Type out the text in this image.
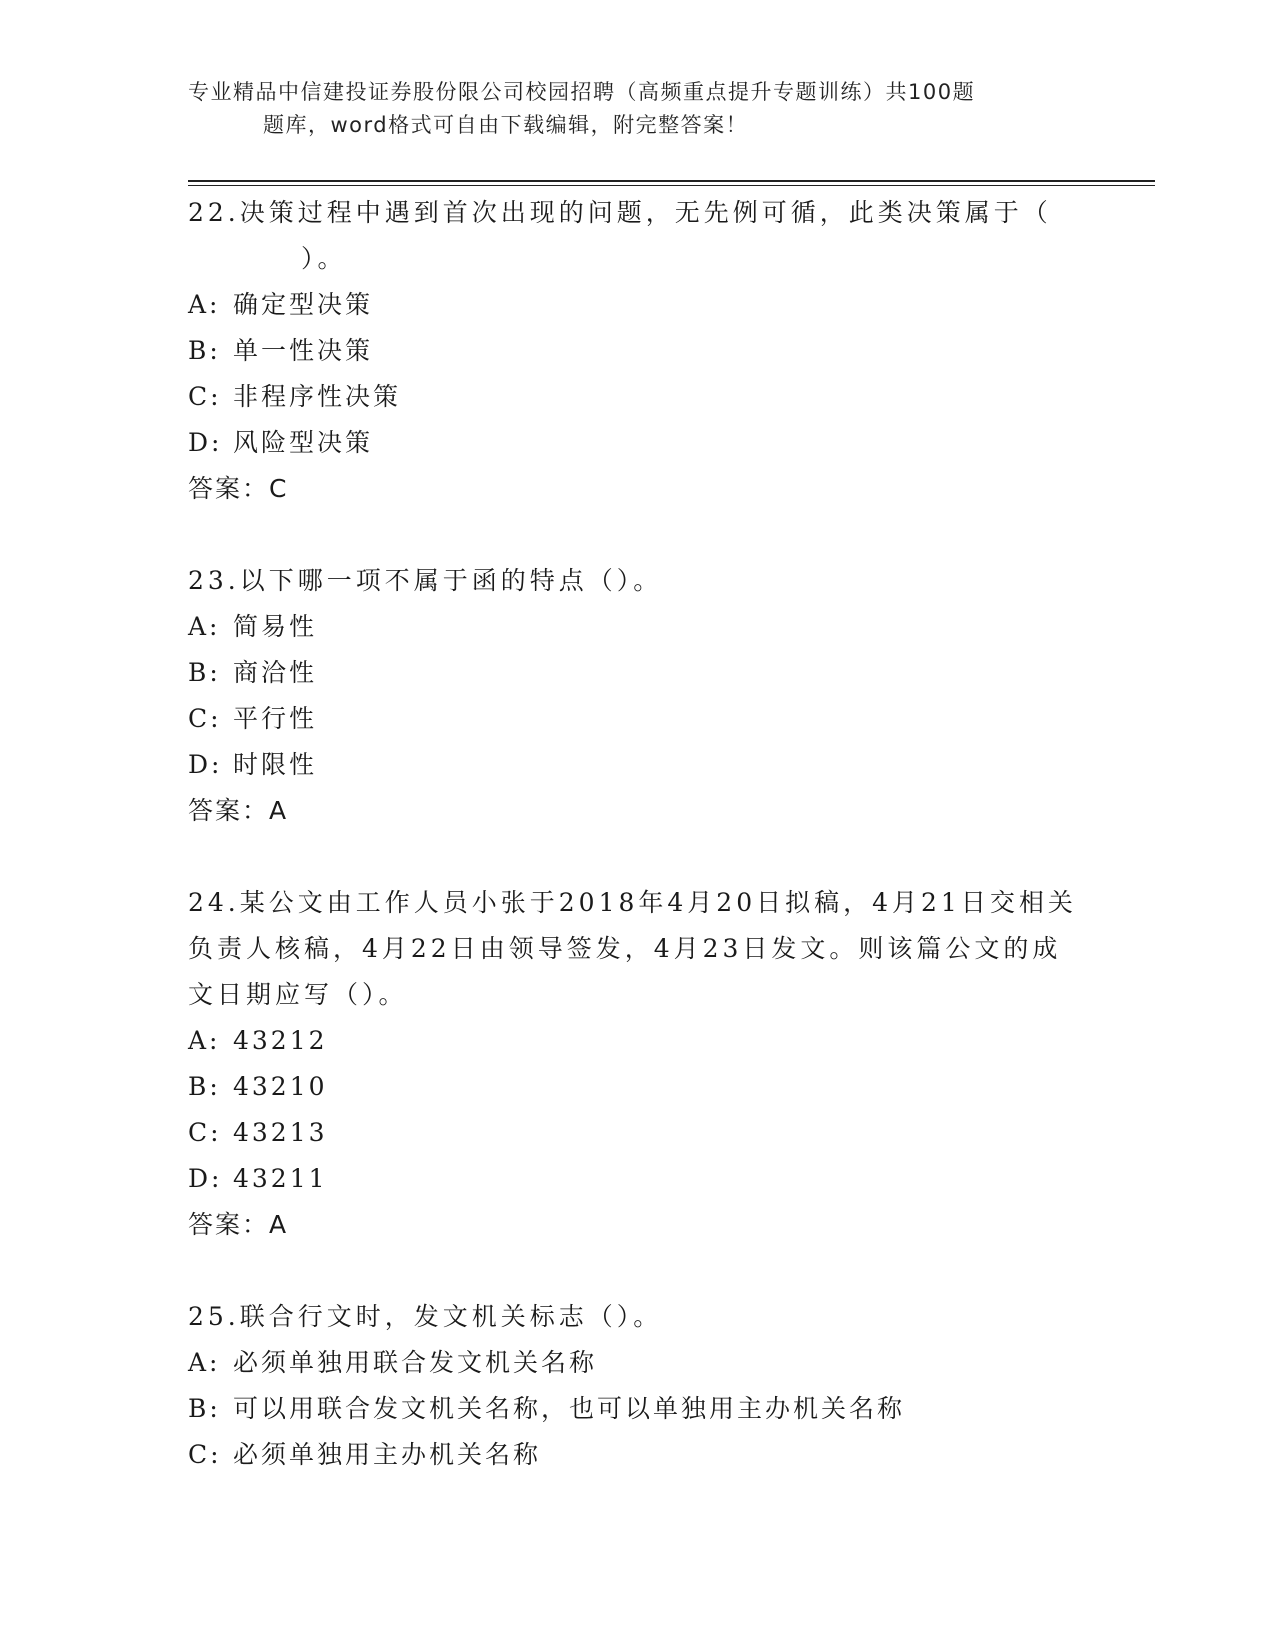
专业精品中信建投证券股份限公司校园招聘（高频重点提升专题训练）共100题
题库，word格式可自由下载编辑，附完整答案！
22.决策过程中遇到首次出现的问题，无先例可循，此类决策属于（
）。
A: 确定型决策
B: 单一性决策
C: 非程序性决策
D: 风险型决策
答案：C
23.以下哪一项不属于函的特点（）。
A: 简易性
B: 商洽性
C: 平行性
D: 时限性
答案：A
24.某公文由工作人员小张于2018年4月20日拟稿，4月21日交相关
负责人核稿，4月22日由领导签发，4月23日发文。则该篇公文的成
文日期应写（）。
A: 43212
B: 43210
C: 43213
D: 43211
答案：A
25.联合行文时，发文机关标志（）。
A: 必须单独用联合发文机关名称
B: 可以用联合发文机关名称，也可以单独用主办机关名称
C: 必须单独用主办机关名称
